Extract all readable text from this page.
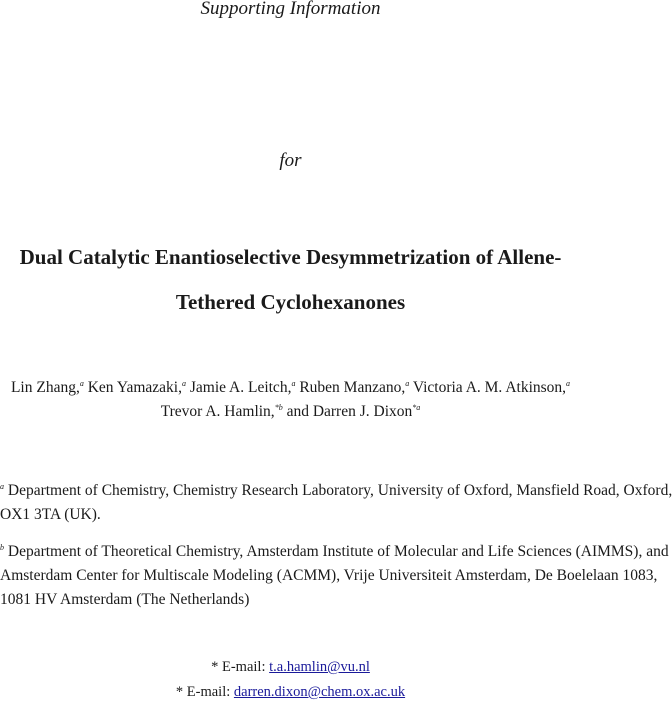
Supporting Information
for
Dual Catalytic Enantioselective Desymmetrization of Allene-
Tethered Cyclohexanones
Lin Zhang,$^a$ Ken Yamazaki,$^a$ Jamie A. Leitch,$^a$ Ruben Manzano,$^a$ Victoria A. M. Atkinson,$^a$
Trevor A. Hamlin,$^{*b}$ and Darren J. Dixon$^{*a}$
$^a$ Department of Chemistry, Chemistry Research Laboratory, University of Oxford, Mansfield Road, Oxford,
OX1 3TA (UK).
$^b$ Department of Theoretical Chemistry, Amsterdam Institute of Molecular and Life Sciences (AIMMS), and
Amsterdam Center for Multiscale Modeling (ACMM), Vrije Universiteit Amsterdam, De Boelelaan 1083,
1081 HV Amsterdam (The Netherlands)
* E-mail: t.a.hamlin@vu.nl
* E-mail: darren.dixon@chem.ox.ac.uk
